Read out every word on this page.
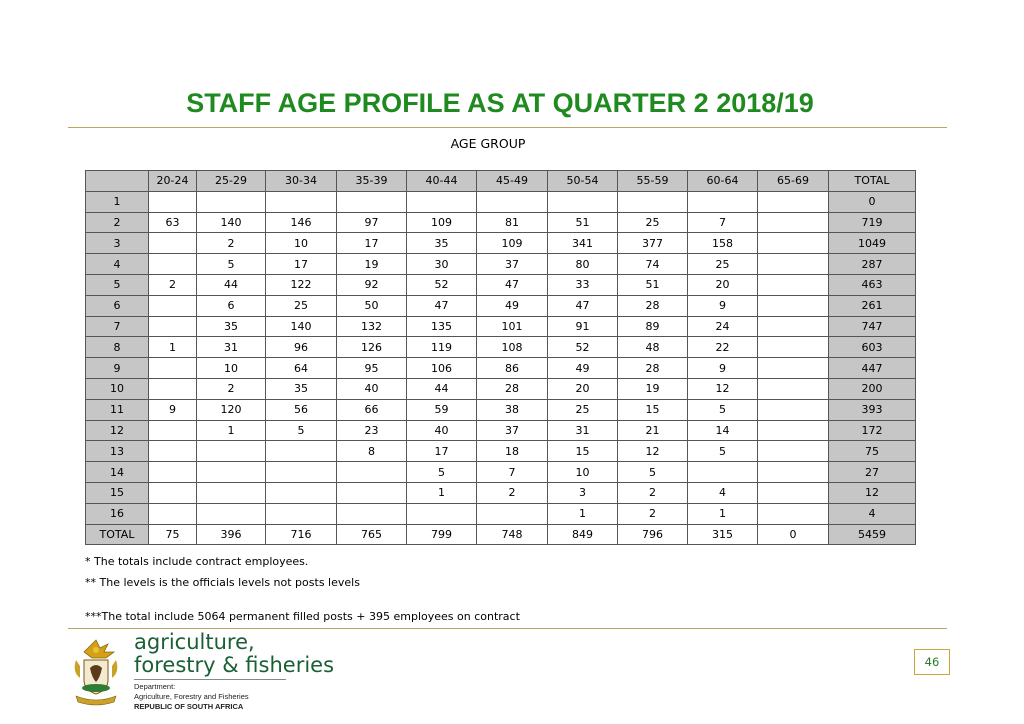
STAFF AGE PROFILE AS AT QUARTER 2 2018/19
AGE GROUP
	20-24	25-29	30-34	35-39	40-44	45-49	50-54	55-59	60-64	65-69	TOTAL
1											0
2	63	140	146	97	109	81	51	25	7		719
3		2	10	17	35	109	341	377	158		1049
4		5	17	19	30	37	80	74	25		287
5	2	44	122	92	52	47	33	51	20		463
6		6	25	50	47	49	47	28	9		261
7		35	140	132	135	101	91	89	24		747
8	1	31	96	126	119	108	52	48	22		603
9		10	64	95	106	86	49	28	9		447
10		2	35	40	44	28	20	19	12		200
11	9	120	56	66	59	38	25	15	5		393
12		1	5	23	40	37	31	21	14		172
13				8	17	18	15	12	5		75
14					5	7	10	5			27
15					1	2	3	2	4		12
16							1	2	1		4
TOTAL	75	396	716	765	799	748	849	796	315	0	5459
* The totals include contract employees.
** The levels is the officials levels not posts levels
***The total include 5064 permanent filled posts + 395 employees on contract
agriculture,
forestry & fisheries
Department:
Agriculture, Forestry and Fisheries
REPUBLIC OF SOUTH AFRICA
46
